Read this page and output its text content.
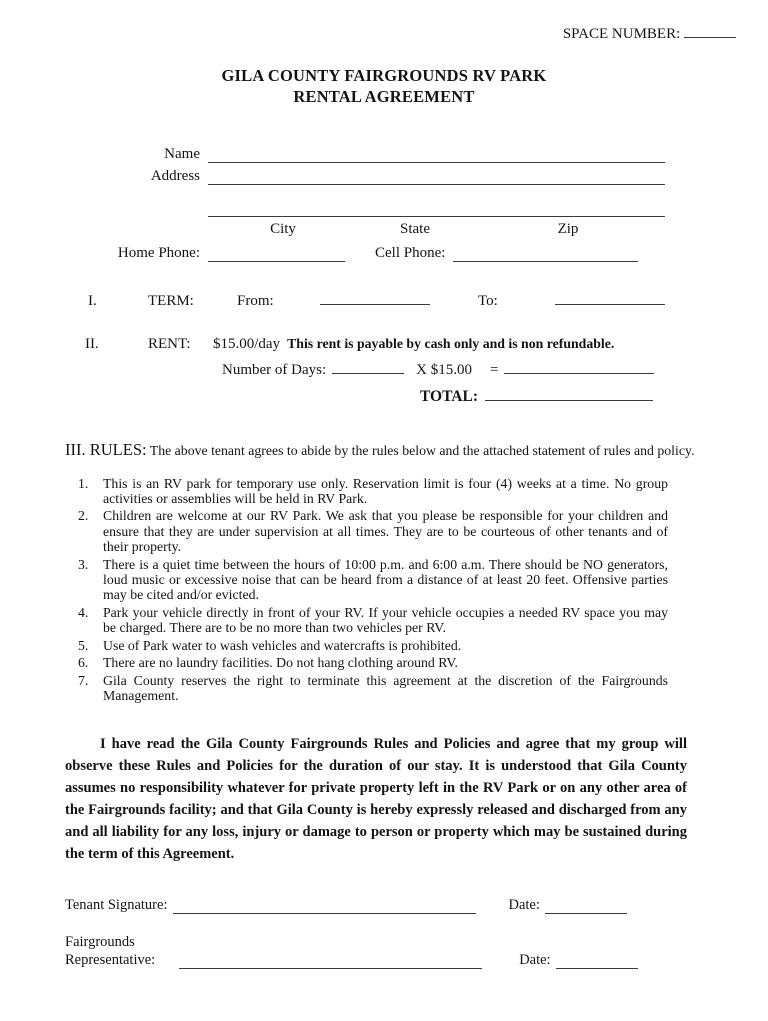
SPACE NUMBER:
GILA COUNTY FAIRGROUNDS RV PARK
RENTAL AGREEMENT
Name
Address
City	State	Zip
Home Phone:	Cell Phone:
I.	TERM:	From:	To:
II.	RENT:	$15.00/day This rent is payable by cash only and is non refundable.
Number of Days:	X $15.00 =
TOTAL:
III. RULES: The above tenant agrees to abide by the rules below and the attached statement of rules and policy.
1.	This is an RV park for temporary use only. Reservation limit is four (4) weeks at a time. No group activities or assemblies will be held in RV Park.
2.	Children are welcome at our RV Park. We ask that you please be responsible for your children and ensure that they are under supervision at all times. They are to be courteous of other tenants and of their property.
3.	There is a quiet time between the hours of 10:00 p.m. and 6:00 a.m. There should be NO generators, loud music or excessive noise that can be heard from a distance of at least 20 feet. Offensive parties may be cited and/or evicted.
4.	Park your vehicle directly in front of your RV. If your vehicle occupies a needed RV space you may be charged. There are to be no more than two vehicles per RV.
5.	Use of Park water to wash vehicles and watercrafts is prohibited.
6.	There are no laundry facilities. Do not hang clothing around RV.
7.	Gila County reserves the right to terminate this agreement at the discretion of the Fairgrounds Management.
I have read the Gila County Fairgrounds Rules and Policies and agree that my group will observe these Rules and Policies for the duration of our stay. It is understood that Gila County assumes no responsibility whatever for private property left in the RV Park or on any other area of the Fairgrounds facility; and that Gila County is hereby expressly released and discharged from any and all liability for any loss, injury or damage to person or property which may be sustained during the term of this Agreement.
Tenant Signature:	Date:
Fairgrounds
Representative:	Date:
